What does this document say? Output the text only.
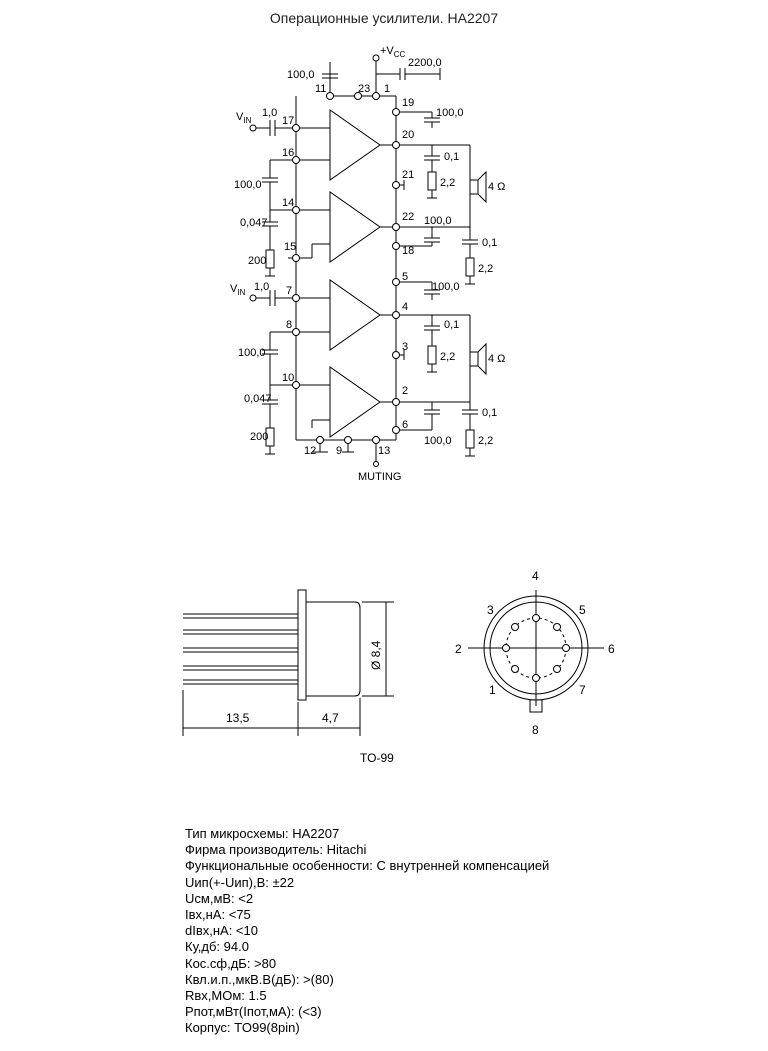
Операционные усилители. HA2207
11	23 1
19
17
16
14
15
7
8
10
20
21
22
18
5
4
3
2
6
12 9	13
$+V_{CC}$
2200,0
100,0
$V_{IN}$
1,0
$V_{IN}$ 1,0
100,0
0,047
200
100,0
0,047
200
100,0
0,1
2,2	4 Ω
100,0
0,1
2,2
100,0
0,1
2,2	4 Ω
100,0
0,1
2,2
MUTING
13,5	4,7
Ø 8,4
1
2
3
4
5
6
7
8
TO-99
Тип микросхемы: HA2207
Фирма производитель: Hitachi
Функциональные особенности: С внутренней компенсацией
Uип(+-Uип),В: ±22
Uсм,мВ: <2
Iвх,нА: <75
dIвх,нА: <10
Ку,дб: 94.0
Кос.сф,дБ: >80
Квл.и.п.,мкВ.В(дБ): >(80)
Rвх,МОм: 1.5
Pпот,мВт(Iпот,мА): (<3)
Корпус: TO99(8pin)
